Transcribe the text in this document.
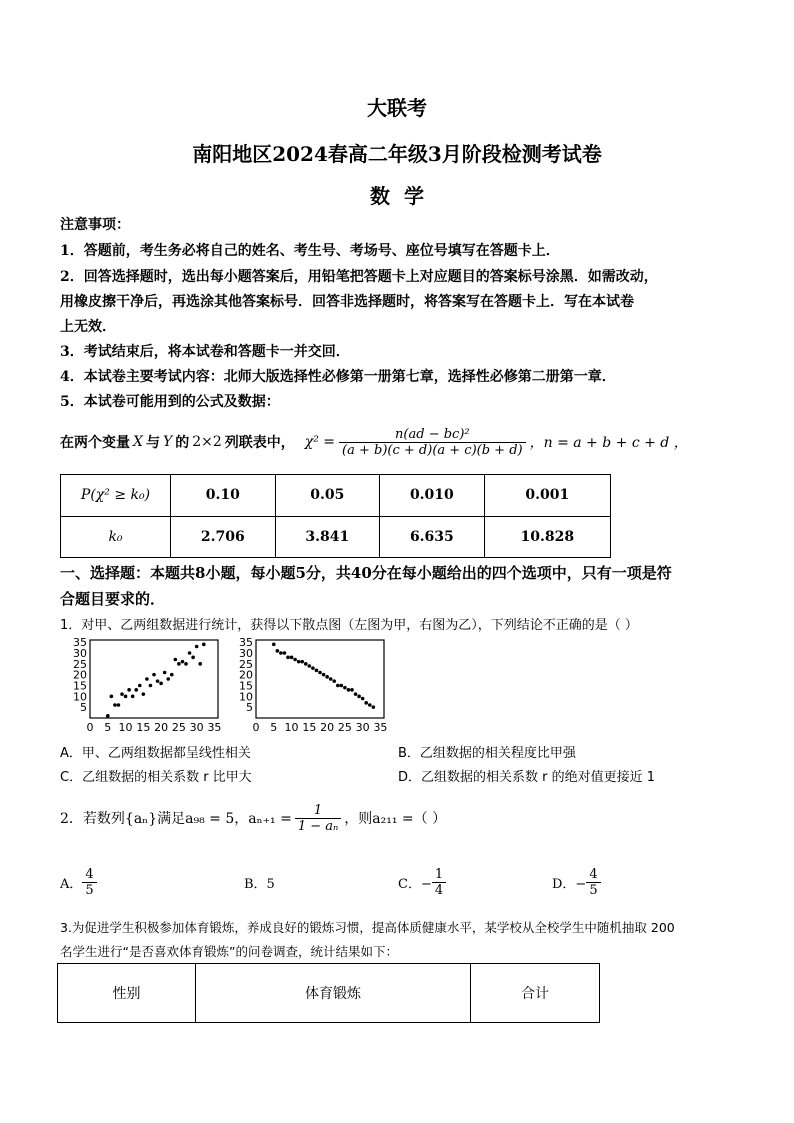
大联考
南阳地区2024春高二年级3月阶段检测考试卷
数  学
注意事项：
1．答题前，考生务必将自己的姓名、考生号、考场号、座位号填写在答题卡上．
2．回答选择题时，选出每小题答案后，用铅笔把答题卡上对应题目的答案标号涂黑．如需改动，
用橡皮擦干净后，再选涂其他答案标号．回答非选择题时，将答案写在答题卡上．写在本试卷
上无效．
3．考试结束后，将本试卷和答题卡一并交回．
4．本试卷主要考试内容：北师大版选择性必修第一册第七章，选择性必修第二册第一章．
5．本试卷可能用到的公式及数据：
在两个变量 X 与 Y 的 2×2 列联表中， $\chi^2 = \frac{\text{n(ad − bc)²}}{(a + b)(c + d)(a + c)(b + d)}$ ，n = a + b + c + d ，
P(χ² ≥ k₀)	0.10	0.05	0.010	0.001
k₀	2.706	3.841	6.635	10.828
一、选择题：本题共8小题，每小题5分，共40分在每小题给出的四个选项中，只有一项是符
合题目要求的．
1．对甲、乙两组数据进行统计，获得以下散点图（左图为甲，右图为乙），下列结论不正确的是（ ）
0 5 10 15 20 25 30 35
5
10
15
20
25
30
35
0 5 10 15 20 25 30 35
5
10
15
20
25
30
35
A．甲、乙两组数据都呈线性相关	B．乙组数据的相关程度比甲强
C．乙组数据的相关系数 r 比甲大	D．乙组数据的相关系数 r 的绝对值更接近 1
2．若数列{aₙ}满足a₉₈ = 5，$a_{n+1} = \frac{1}{\text{1 − aₙ}}$ ，则a₂₁₁ =（ ）
A． $\frac{4}{5}$	B．5	C．− $\frac{1}{4}$	D．− $\frac{4}{5}$
3.为促进学生积极参加体育锻炼，养成良好的锻炼习惯，提高体质健康水平，某学校从全校学生中随机抽取 200
名学生进行“是否喜欢体育锻炼”的问卷调查，统计结果如下：
性别	体育锻炼	合计
